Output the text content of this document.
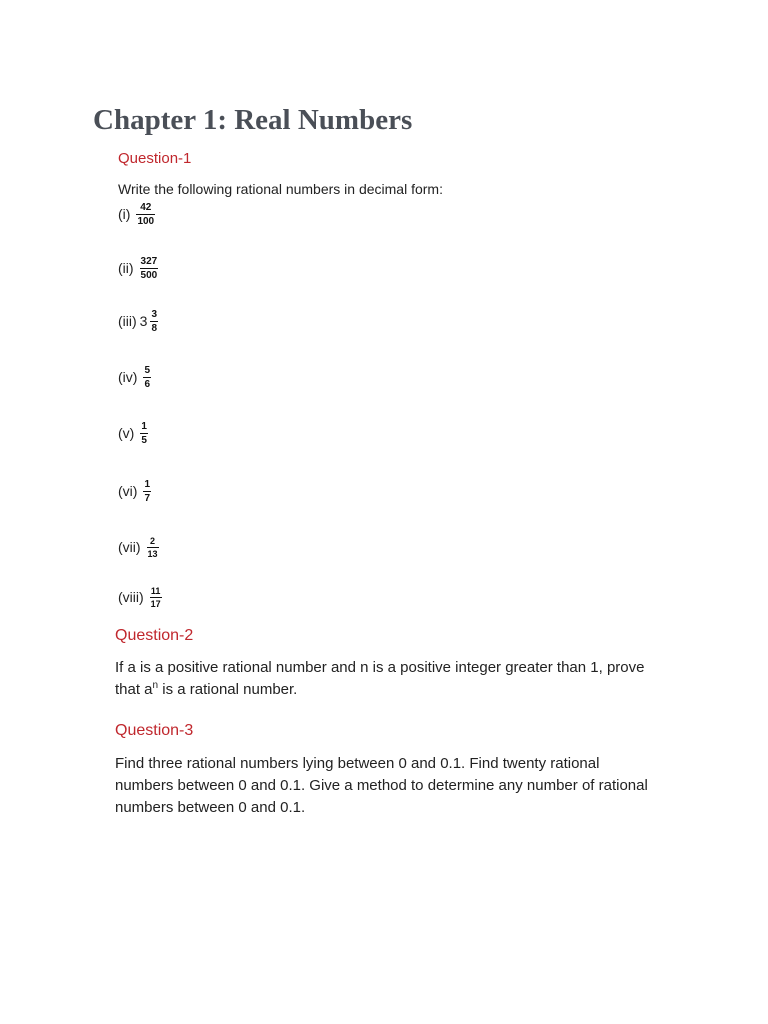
Chapter 1: Real Numbers
Question-1
Write the following rational numbers in decimal form:
$(i) \frac{42}{100}$
$(ii) \frac{327}{500}$
(iii) $3 \frac{3}{8}$
$(iv) \frac{5}{6}$
$(v) \frac{1}{5}$
$(vi) \frac{1}{7}$
$(vii) \frac{2}{13}$
(viii) $\frac{11}{17}$
Question-2
If a is a positive rational number and n is a positive integer greater than 1, prove that $a^n$ is a rational number.
Question-3
Find three rational numbers lying between 0 and 0.1. Find twenty rational numbers between 0 and 0.1. Give a method to determine any number of rational numbers between 0 and 0.1.
